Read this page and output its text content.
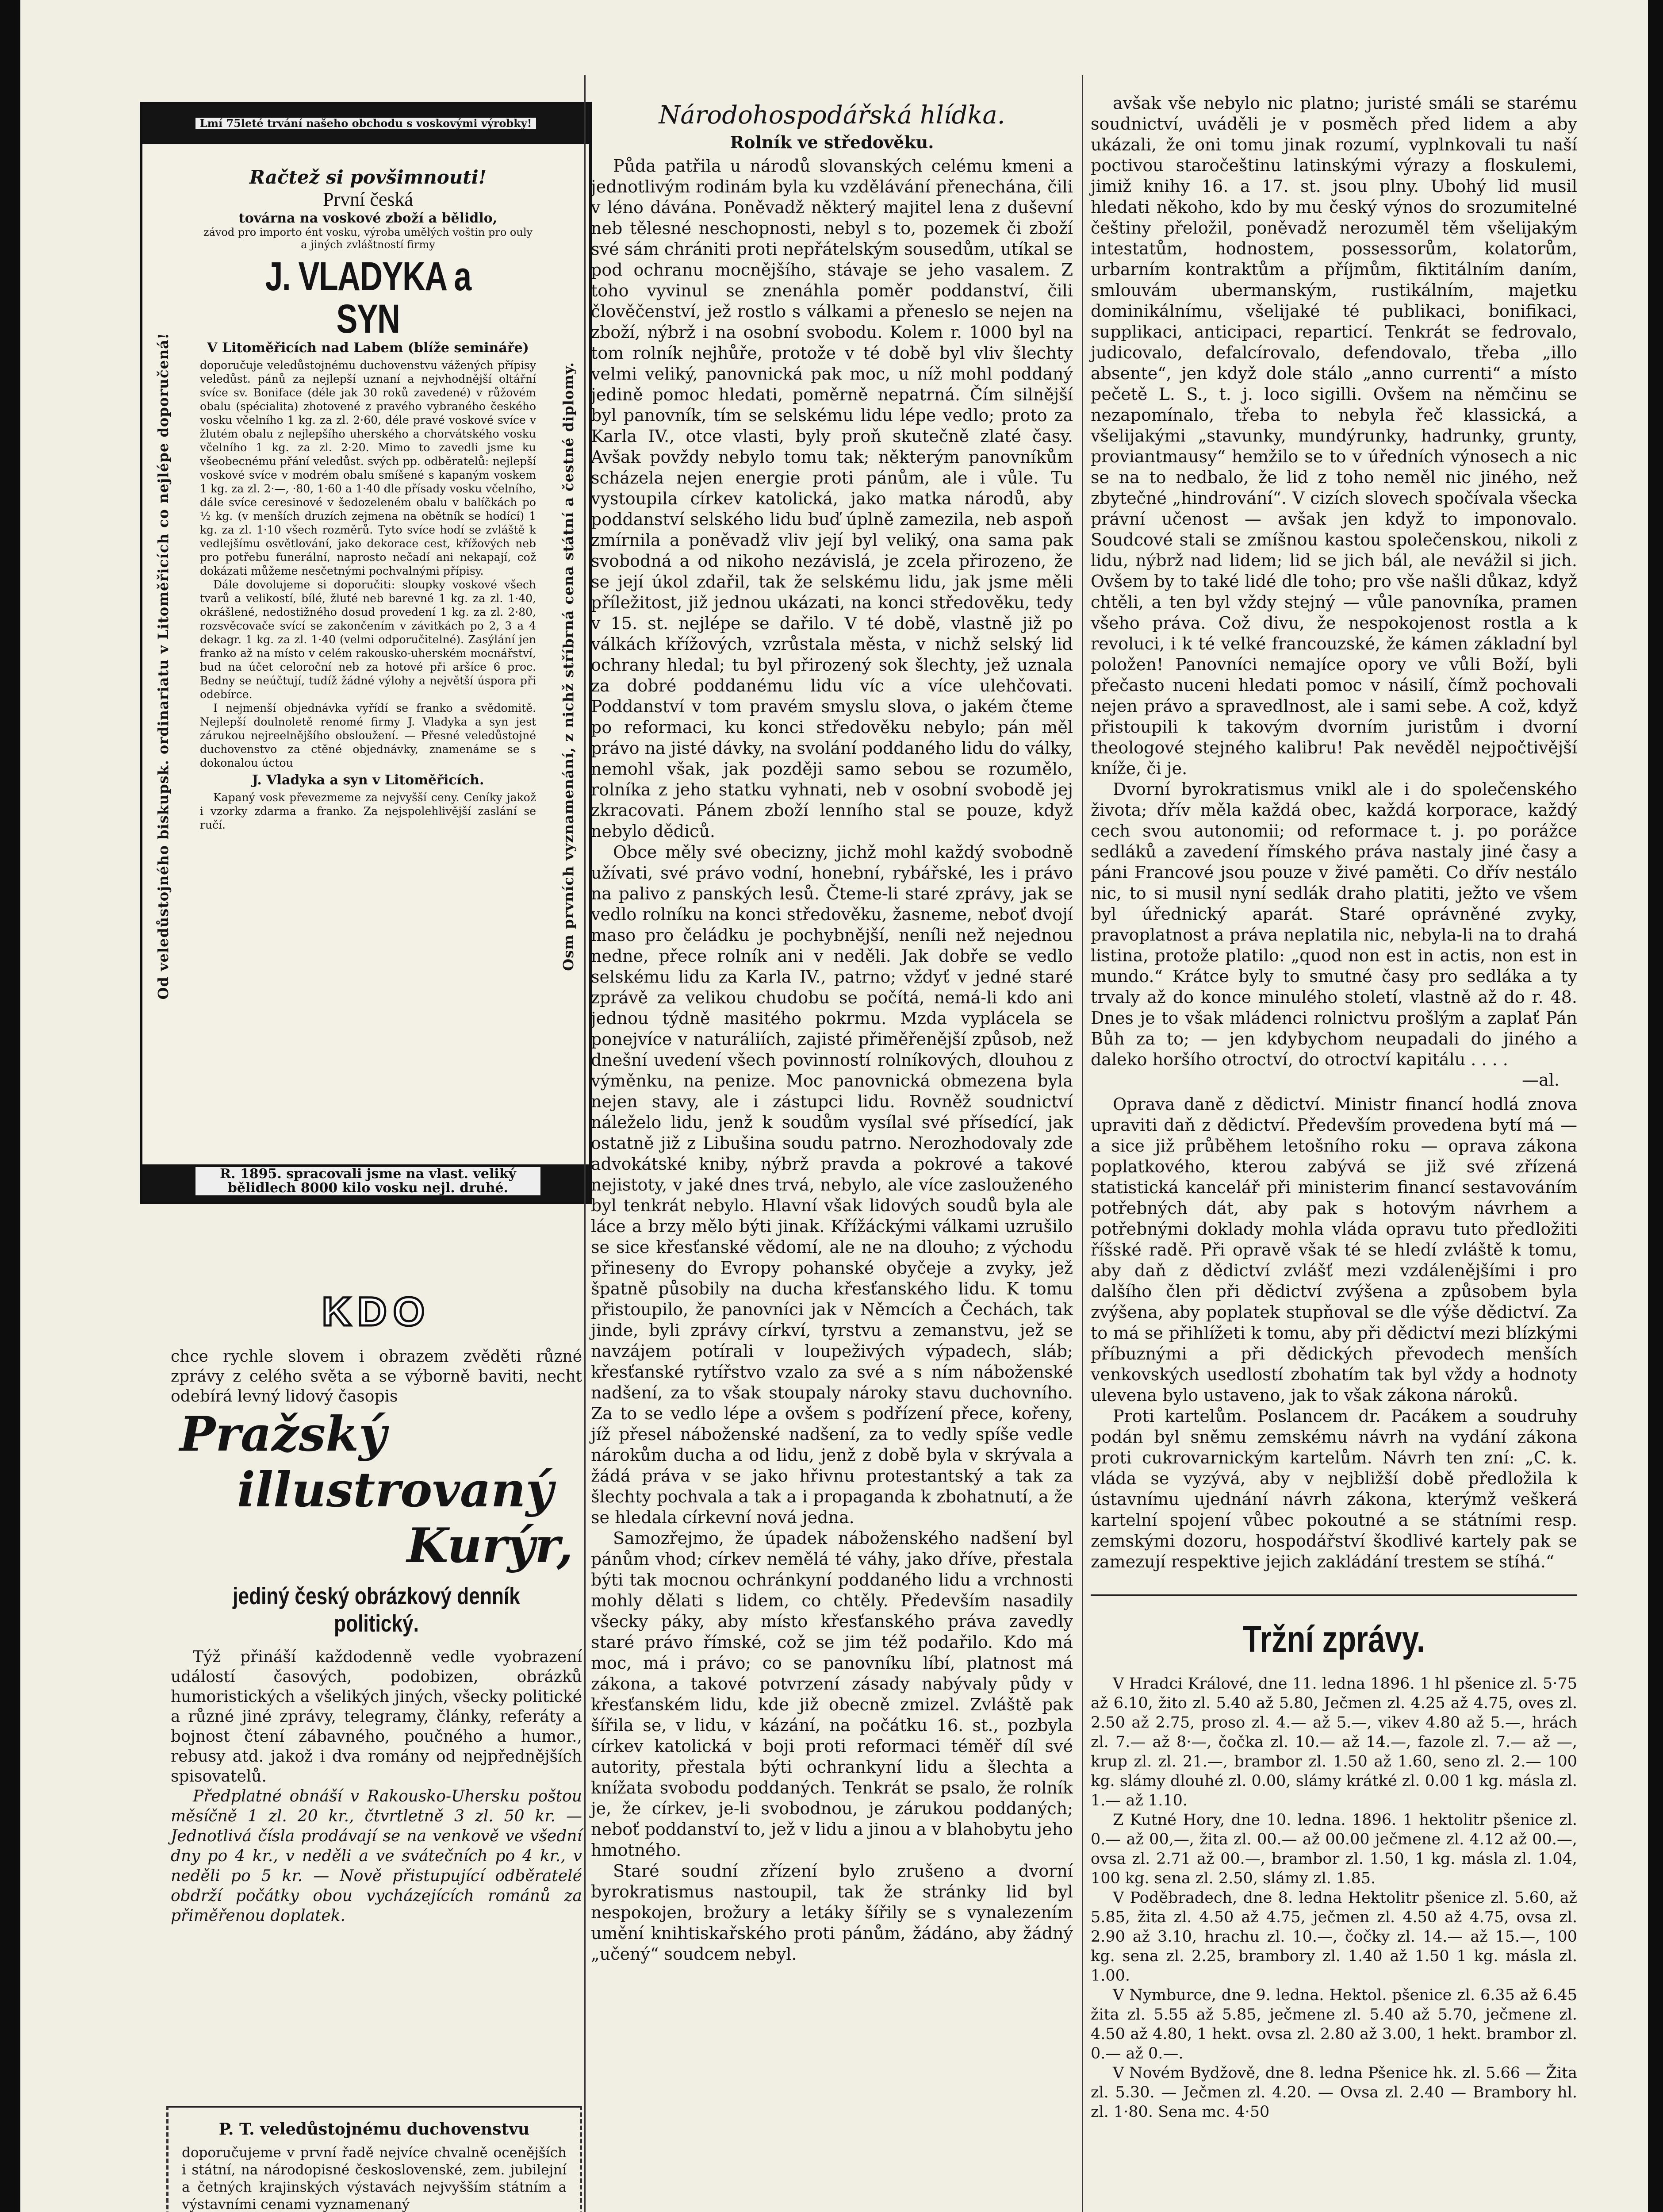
Lmí 75leté trvání našeho obchodu s voskovými výrobky!
Od veledůstojného biskupsk. ordinariatu v Litoměřicích co nejlépe doporučená!	Osm prvních vyznamenání, z nichž stříbrná cena státní a čestné diplomy.

Račtež si povšimnouti!

První česká

továrna na voskové zboží a bělidlo,

závod pro importo ént vosku, výroba umělých voštin pro ouly a jiných zvláštností firmy

J. VLADYKA a SYN

V Litoměřicích nad Labem (blíže semináře)

doporučuje veledůstojnému duchovenstvu vážených přípisy veledůst. pánů za nejlepší uznaní a nejvhodnější oltářní svíce sv. Boniface (déle jak 30 roků zavedené) v růžovém obalu (spécialita) zhotovené z pravého vybraného českého vosku včelního 1 kg. za zl. 2·60, déle pravé voskové svíce v žlutém obalu z nejlepšího uherského a chorvátského vosku včelního 1 kg. za zl. 2·20. Mimo to zavedli jsme ku všeobecnému přání veledůst. svých pp. odběratelů: nejlepší voskové svíce v modrém obalu smíšené s kapaným voskem 1 kg. za zl. 2·—, ·80, 1·60 a 1·40 dle přísady vosku včelního, dále svíce ceresinové v šedozeleném obalu v balíčkách po ½ kg. (v menších druzích zejmena na obětník se hodící) 1 kg. za zl. 1·10 všech rozměrů. Tyto svíce hodí se zvláště k vedlejšímu osvětlování, jako dekorace cest, křížových neb pro potřebu funerální, naprosto nečadí ani nekapají, což dokázati můžeme nesčetnými pochvalnými přípisy.

Dále dovolujeme si doporučiti: sloupky voskové všech tvarů a velikostí, bílé, žluté neb barevné 1 kg. za zl. 1·40, okrášlené, nedostižného dosud provedení 1 kg. za zl. 2·80, rozsvěcovače svící se zakončením v závitkách po 2, 3 a 4 dekagr. 1 kg. za zl. 1·40 (velmi odporučitelné). Zasýlání jen franko až na místo v celém rakousko-uherském mocnářství, bud na účet celoroční neb za hotové při aršíce 6 proc. Bedny se neúčtují, tudíž žádné výlohy a největší úspora při odebírce.

I nejmenší objednávka vyřídí se franko a svědomitě. Nejlepší doulnoletě renomé firmy J. Vladyka a syn jest zárukou nejreelnějšího obsloužení. — Přesné veledůstojné duchovenstvo za ctěné objednávky, znamenáme se s dokonalou úctou

J. Vladyka a syn v Litoměřicích.

Kapaný vosk převezmeme za nejvyšší ceny. Ceníky jakož i vzorky zdarma a franko. Za nejspolehlivější zaslání se ručí.

R. 1895. spracovali jsme na vlast. veliký bělidlech 8000 kilo vosku nejl. druhé.

KDO

chce rychle slovem i obrazem zvěděti různé zprávy z celého světa a se výborně baviti, necht odebírá levný lidový časopis

Pražský

illustrovaný

Kurýr,

jediný český obrázkový denník politický.

Týž přináší každodenně vedle vyobrazení událostí časových, podobizen, obrázků humoristických a všelikých jiných, všecky politické a různé jiné zprávy, telegramy, články, referáty a bojnost čtení zábavného, poučného a humor., rebusy atd. jakož i dva romány od nejpřednějších spisovatelů.

Předplatné obnáší v Rakousko-Uhersku poštou měsíčně 1 zl. 20 kr., čtvrtletně 3 zl. 50 kr. — Jednotlivá čísla prodávají se na venkově ve všední dny po 4 kr., v neděli a ve svátečních po 4 kr., v neděli po 5 kr. — Nově přistupující odběratelé obdrží počátky obou vycházejících románů za přiměřenou doplatek.

P. T. veledůstojnému duchovenstvu

doporučujeme v první řadě nejvíce chvalně ocenějších i státní, na národopisné československé, zem. jubilejní a četných krajinských výstavách nejvyšším státním a výstavními cenami vyznamenaný

Národohospodářská hlídka.

Rolník ve středověku.

Půda patřila u národů slovanských celému kmeni a jednotlivým rodinám byla ku vzdělávání přenechána, čili v léno dávána. Poněvadž některý majitel lena z duševní neb tělesné neschopnosti, nebyl s to, pozemek či zboží své sám chrániti proti nepřátelským sousedům, utíkal se pod ochranu mocnějšího, stávaje se jeho vasalem. Z toho vyvinul se znenáhla poměr poddanství, čili člověčenství, jež rostlo s válkami a přeneslo se nejen na zboží, nýbrž i na osobní svobodu. Kolem r. 1000 byl na tom rolník nejhůře, protože v té době byl vliv šlechty velmi veliký, panovnická pak moc, u níž mohl poddaný jedině pomoc hledati, poměrně nepatrná. Čím silnější byl panovník, tím se selskému lidu lépe vedlo; proto za Karla IV., otce vlasti, byly proň skutečně zlaté časy. Avšak povždy nebylo tomu tak; některým panovníkům scházela nejen energie proti pánům, ale i vůle. Tu vystoupila církev katolická, jako matka národů, aby poddanství selského lidu buď úplně zamezila, neb aspoň zmírnila a poněvadž vliv její byl veliký, ona sama pak svobodná a od nikoho nezávislá, je zcela přirozeno, že se její úkol zdařil, tak že selskému lidu, jak jsme měli příležitost, již jednou ukázati, na konci středověku, tedy v 15. st. nejlépe se dařilo. V té době, vlastně již po válkách křížových, vzrůstala města, v nichž selský lid ochrany hledal; tu byl přirozený sok šlechty, jež uznala za dobré poddanému lidu víc a více ulehčovati. Poddanství v tom pravém smyslu slova, o jakém čteme po reformaci, ku konci středověku nebylo; pán měl právo na jisté dávky, na svolání poddaného lidu do války, nemohl však, jak později samo sebou se rozumělo, rolníka z jeho statku vyhnati, neb v osobní svobodě jej zkracovati. Pánem zboží lenního stal se pouze, když nebylo dědiců.

Obce měly své obecizny, jichž mohl každý svobodně užívati, své právo vodní, honební, rybářské, les i právo na palivo z panských lesů. Čteme-li staré zprávy, jak se vedlo rolníku na konci středověku, žasneme, neboť dvojí maso pro čeládku je pochybnější, neníli než nejednou nedne, přece rolník ani v neděli. Jak dobře se vedlo selskému lidu za Karla IV., patrno; vždyť v jedné staré zprávě za velikou chudobu se počítá, nemá-li kdo ani jednou týdně masitého pokrmu. Mzda vyplácela se ponejvíce v naturáliích, zajisté přiměřenější způsob, než dnešní uvedení všech povinností rolníkových, dlouhou z výměnku, na penize. Moc panovnická obmezena byla nejen stavy, ale i zástupci lidu. Rovněž soudnictví náleželo lidu, jenž k soudům vysílal své přísedící, jak ostatně již z Libušina soudu patrno. Nerozhodovaly zde advokátské kniby, nýbrž pravda a pokrové a takové nejistoty, v jaké dnes trvá, nebylo, ale více zaslouženého byl tenkrát nebylo. Hlavní však lidových soudů byla ale láce a brzy mělo býti jinak. Křížáckými válkami uzrušilo se sice křesťanské vědomí, ale ne na dlouho; z východu přineseny do Evropy pohanské obyčeje a zvyky, jež špatně působily na ducha křesťanského lidu. K tomu přistoupilo, že panovníci jak v Němcích a Čechách, tak jinde, byli zprávy církví, tyrstvu a zemanstvu, jež se navzájem potírali v loupeživých výpadech, sláb; křesťanské rytířstvo vzalo za své a s ním náboženské nadšení, za to však stoupaly nároky stavu duchovního. Za to se vedlo lépe a ovšem s podřízení přece, kořeny, jíž přesel náboženské nadšení, za to vedly spíše vedle nárokům ducha a od lidu, jenž z době byla v skrývala a žádá práva v se jako hřivnu protestantský a tak za šlechty pochvala a tak a i propaganda k zbohatnutí, a že se hledala církevní nová jedna.

Samozřejmo, že úpadek náboženského nadšení byl pánům vhod; církev nemělá té váhy, jako dříve, přestala býti tak mocnou ochránkyní poddaného lidu a vrchnosti mohly dělati s lidem, co chtěly. Především nasadily všecky páky, aby místo křesťanského práva zavedly staré právo římské, což se jim též podařilo. Kdo má moc, má i právo; co se panovníku líbí, platnost má zákona, a takové potvrzení zásady nabývaly půdy v křesťanském lidu, kde již obecně zmizel. Zvláště pak šířila se, v lidu, v kázání, na počátku 16. st., pozbyla církev katolická v boji proti reformaci téměř díl své autority, přestala býti ochrankyní lidu a šlechta a knížata svobodu poddaných. Tenkrát se psalo, že rolník je, že církev, je-li svobodnou, je zárukou poddaných; neboť poddanství to, jež v lidu a jinou a v blahobytu jeho hmotného.

Staré soudní zřízení bylo zrušeno a dvorní byrokratismus nastoupil, tak že stránky lid byl nespokojen, brožury a letáky šířily se s vynalezením umění knihtiskařského proti pánům, žádáno, aby žádný „učený“ soudcem nebyl.

avšak vše nebylo nic platno; juristé smáli se starému soudnictví, uváděli je v posměch před lidem a aby ukázali, že oni tomu jinak rozumí, vyplnkovali tu naší poctivou staročeštinu latinskými výrazy a floskulemi, jimiž knihy 16. a 17. st. jsou plny. Ubohý lid musil hledati někoho, kdo by mu český výnos do srozumitelné češtiny přeložil, poněvadž nerozuměl těm všelijakým intestatům, hodnostem, possessorům, kolatorům, urbarním kontraktům a příjmům, fiktitálním daním, smlouvám ubermanským, rustikálním, majetku dominikálnímu, všelijaké té publikaci, bonifikaci, supplikaci, anticipaci, reparticí. Tenkrát se fedrovalo, judicovalo, defalcírovalo, defendovalo, třeba „illo absente“, jen když dole stálo „anno currenti“ a místo pečetě L. S., t. j. loco sigilli. Ovšem na němčinu se nezapomínalo, třeba to nebyla řeč klassická, a všelijakými „stavunky, mundýrunky, hadrunky, grunty, proviantmausy“ hemžilo se to v úředních výnosech a nic se na to nedbalo, že lid z toho neměl nic jiného, než zbytečné „hindrování“. V cizích slovech spočívala všecka právní učenost — avšak jen když to imponovalo. Soudcové stali se zmíšnou kastou společenskou, nikoli z lidu, nýbrž nad lidem; lid se jich bál, ale nevážil si jich. Ovšem by to také lidé dle toho; pro vše našli důkaz, když chtěli, a ten byl vždy stejný — vůle panovníka, pramen všeho práva. Což divu, že nespokojenost rostla a k revoluci, i k té velké francouzské, že kámen základní byl položen! Panovníci nemajíce opory ve vůli Boží, byli přečasto nuceni hledati pomoc v násilí, čímž pochovali nejen právo a spravedlnost, ale i sami sebe. A což, když přistoupili k takovým dvorním juristům i dvorní theologové stejného kalibru! Pak nevěděl nejpočtivější kníže, či je.

Dvorní byrokratismus vnikl ale i do společenského života; dřív měla každá obec, každá korporace, každý cech svou autonomii; od reformace t. j. po porážce sedláků a zavedení římského práva nastaly jiné časy a páni Francové jsou pouze v živé paměti. Co dřív nestálo nic, to si musil nyní sedlák draho platiti, ježto ve všem byl úřednický aparát. Staré oprávněné zvyky, pravoplatnost a práva neplatila nic, nebyla-li na to drahá listina, protože platilo: „quod non est in actis, non est in mundo.“ Krátce byly to smutné časy pro sedláka a ty trvaly až do konce minulého století, vlastně až do r. 48. Dnes je to však mládenci rolnictvu prošlým a zaplať Pán Bůh za to; — jen kdybychom neupadali do jiného a daleko horšího otroctví, do otroctví kapitálu . . . .

—al.

Oprava daně z dědictví. Ministr financí hodlá znova upraviti daň z dědictví. Především provedena bytí má — a sice již průběhem letošního roku — oprava zákona poplatkového, kterou zabývá se již své zřízená statistická kancelář při ministerim financí sestavováním potřebných dát, aby pak s hotovým návrhem a potřebnými doklady mohla vláda opravu tuto předložiti říšské radě. Při opravě však té se hledí zvláště k tomu, aby daň z dědictví zvlášť mezi vzdálenějšími i pro dalšího člen při dědictví zvýšena a způsobem byla zvýšena, aby poplatek stupňoval se dle výše dědictví. Za to má se přihlížeti k tomu, aby při dědictví mezi blízkými příbuznými a při dědických převodech menších venkovských usedlostí zbohatím tak byl vždy a hodnoty ulevena bylo ustaveno, jak to však zákona nároků.

Proti kartelům. Poslancem dr. Pacákem a soudruhy podán byl sněmu zemskému návrh na vydání zákona proti cukrovarnickým kartelům. Návrh ten zní: „C. k. vláda se vyzývá, aby v nejbližší době předložila k ústavnímu ujednání návrh zákona, kterýmž veškerá kartelní spojení vůbec pokoutné a se státními resp. zemskými dozoru, hospodářství škodlivé kartely pak se zamezují respektive jejich zakládání trestem se stíhá.“

Tržní zprávy.

V Hradci Králové, dne 11. ledna 1896. 1 hl pšenice zl. 5·75 až 6.10, žito zl. 5.40 až 5.80, Ječmen zl. 4.25 až 4.75, oves zl. 2.50 až 2.75, proso zl. 4.— až 5.—, vikev 4.80 až 5.—, hrách zl. 7.— až 8·—, čočka zl. 10.— až 14.—, fazole zl. 7.— až —, krup zl. zl. 21.—, brambor zl. 1.50 až 1.60, seno zl. 2.— 100 kg. slámy dlouhé zl. 0.00, slámy krátké zl. 0.00 1 kg. másla zl. 1.— až 1.10.

Z Kutné Hory, dne 10. ledna. 1896. 1 hektolitr pšenice zl. 0.— až 00,—, žita zl. 00.— až 00.00 ječmene zl. 4.12 až 00.—, ovsa zl. 2.71 až 00.—, brambor zl. 1.50, 1 kg. másla zl. 1.04, 100 kg. sena zl. 2.50, slámy zl. 1.85.

V Poděbradech, dne 8. ledna Hektolitr pšenice zl. 5.60, až 5.85, žita zl. 4.50 až 4.75, ječmen zl. 4.50 až 4.75, ovsa zl. 2.90 až 3.10, hrachu zl. 10.—, čočky zl. 14.— až 15.—, 100 kg. sena zl. 2.25, brambory zl. 1.40 až 1.50 1 kg. másla zl. 1.00.

V Nymburce, dne 9. ledna. Hektol. pšenice zl. 6.35 až 6.45 žita zl. 5.55 až 5.85, ječmene zl. 5.40 až 5.70, ječmene zl. 4.50 až 4.80, 1 hekt. ovsa zl. 2.80 až 3.00, 1 hekt. brambor zl. 0.— až 0.—.

V Novém Bydžově, dne 8. ledna Pšenice hk. zl. 5.66 — Žita zl. 5.30. — Ječmen zl. 4.20. — Ovsa zl. 2.40 — Brambory hl. zl. 1·80. Sena mc. 4·50
